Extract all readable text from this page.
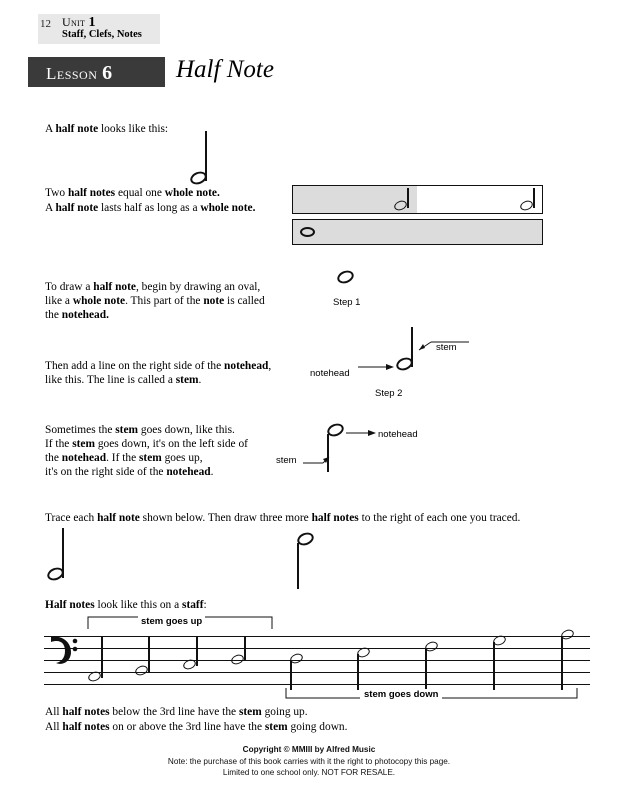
12 Unit 1
Staff, Clefs, Notes
Lesson 6	Half Note
A half note looks like this:
Two half notes equal one whole note.
A half note lasts half as long as a whole note.
To draw a half note, begin by drawing an oval,
like a whole note. This part of the note is called
the notehead.
Step 1
Then add a line on the right side of the notehead,
like this. The line is called a stem.
stem
notehead
Step 2
Sometimes the stem goes down, like this.
If the stem goes down, it's on the left side of
the notehead. If the stem goes up,
it's on the right side of the notehead.
notehead
stem
Trace each half note shown below. Then draw three more half notes to the right of each one you traced.
Half notes look like this on a staff:
stem goes up
stem goes down
All half notes below the 3rd line have the stem going up.
All half notes on or above the 3rd line have the stem going down.
Copyright © MMIII by Alfred Music
Note: the purchase of this book carries with it the right to photocopy this page.
Limited to one school only. NOT FOR RESALE.
